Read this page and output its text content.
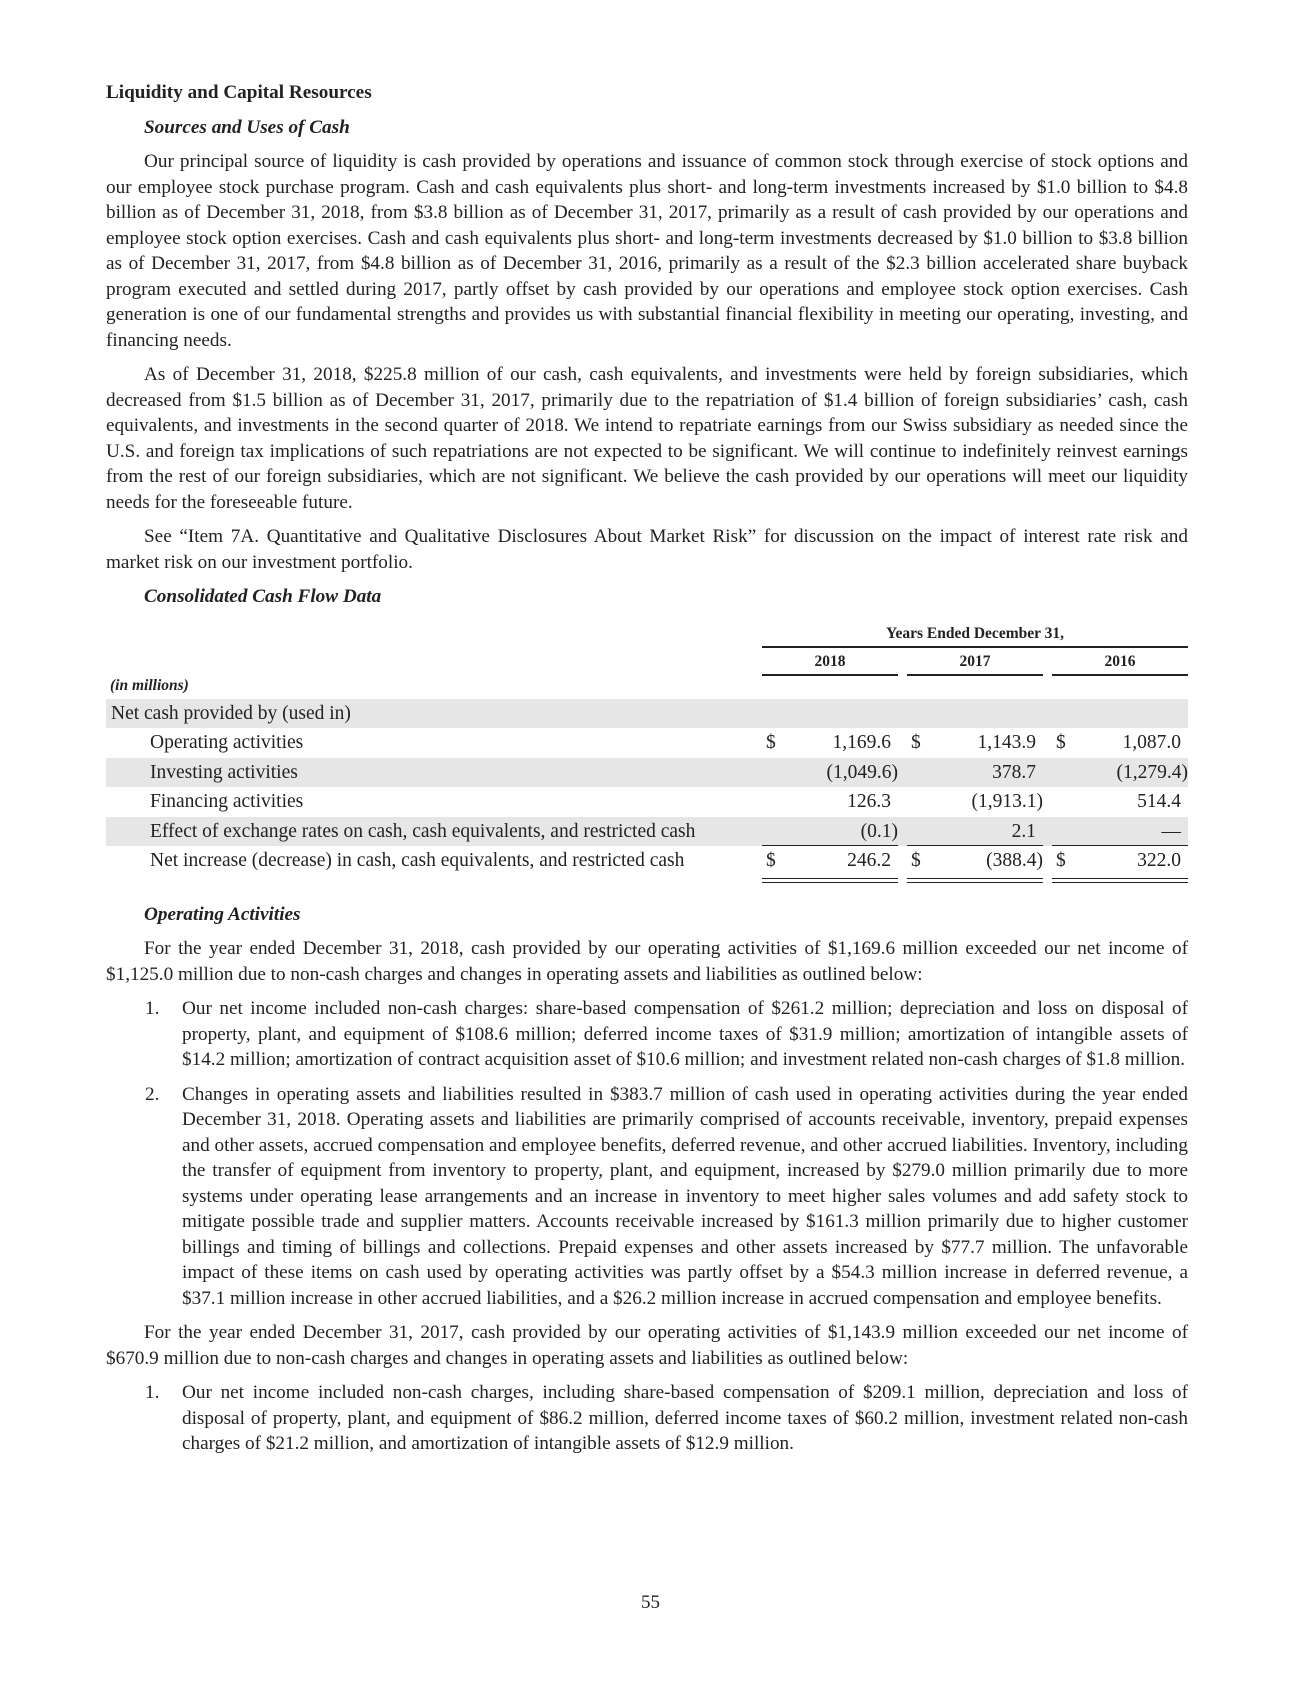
Liquidity and Capital Resources
Sources and Uses of Cash

Our principal source of liquidity is cash provided by operations and issuance of common stock through exercise of stock options and our employee stock purchase program. Cash and cash equivalents plus short- and long-term investments increased by $1.0 billion to $4.8 billion as of December 31, 2018, from $3.8 billion as of December 31, 2017, primarily as a result of cash provided by our operations and employee stock option exercises. Cash and cash equivalents plus short- and long-term investments decreased by $1.0 billion to $3.8 billion as of December 31, 2017, from $4.8 billion as of December 31, 2016, primarily as a result of the $2.3 billion accelerated share buyback program executed and settled during 2017, partly offset by cash provided by our operations and employee stock option exercises. Cash generation is one of our fundamental strengths and provides us with substantial financial flexibility in meeting our operating, investing, and financing needs.

As of December 31, 2018, $225.8 million of our cash, cash equivalents, and investments were held by foreign subsidiaries, which decreased from $1.5 billion as of December 31, 2017, primarily due to the repatriation of $1.4 billion of foreign subsidiaries’ cash, cash equivalents, and investments in the second quarter of 2018. We intend to repatriate earnings from our Swiss subsidiary as needed since the U.S. and foreign tax implications of such repatriations are not expected to be significant. We will continue to indefinitely reinvest earnings from the rest of our foreign subsidiaries, which are not significant. We believe the cash provided by our operations will meet our liquidity needs for the foreseeable future.

See “Item 7A. Quantitative and Qualitative Disclosures About Market Risk” for discussion on the impact of interest rate risk and market risk on our investment portfolio.

Consolidated Cash Flow Data
Years Ended December 31,
2018	2017	2016
(in millions)
Net cash provided by (used in)
Operating activities	$	1,169.6 $	1,143.9 $	1,087.0
Investing activities	(1,049.6)	378.7	(1,279.4)
Financing activities	126.3	(1,913.1)	514.4
Effect of exchange rates on cash, cash equivalents, and restricted cash	(0.1)	2.1	—
Net increase (decrease) in cash, cash equivalents, and restricted cash	$	246.2 $	(388.4) $	322.0
Operating Activities

For the year ended December 31, 2018, cash provided by our operating activities of $1,169.6 million exceeded our net income of $1,125.0 million due to non-cash charges and changes in operating assets and liabilities as outlined below:

1. Our net income included non-cash charges: share-based compensation of $261.2 million; depreciation and loss on disposal of property, plant, and equipment of $108.6 million; deferred income taxes of $31.9 million; amortization of intangible assets of $14.2 million; amortization of contract acquisition asset of $10.6 million; and investment related non-cash charges of $1.8 million.
2. Changes in operating assets and liabilities resulted in $383.7 million of cash used in operating activities during the year ended December 31, 2018. Operating assets and liabilities are primarily comprised of accounts receivable, inventory, prepaid expenses and other assets, accrued compensation and employee benefits, deferred revenue, and other accrued liabilities. Inventory, including the transfer of equipment from inventory to property, plant, and equipment, increased by $279.0 million primarily due to more systems under operating lease arrangements and an increase in inventory to meet higher sales volumes and add safety stock to mitigate possible trade and supplier matters. Accounts receivable increased by $161.3 million primarily due to higher customer billings and timing of billings and collections. Prepaid expenses and other assets increased by $77.7 million. The unfavorable impact of these items on cash used by operating activities was partly offset by a $54.3 million increase in deferred revenue, a $37.1 million increase in other accrued liabilities, and a $26.2 million increase in accrued compensation and employee benefits.

For the year ended December 31, 2017, cash provided by our operating activities of $1,143.9 million exceeded our net income of $670.9 million due to non-cash charges and changes in operating assets and liabilities as outlined below:

1. Our net income included non-cash charges, including share-based compensation of $209.1 million, depreciation and loss of disposal of property, plant, and equipment of $86.2 million, deferred income taxes of $60.2 million, investment related non-cash charges of $21.2 million, and amortization of intangible assets of $12.9 million.
55
